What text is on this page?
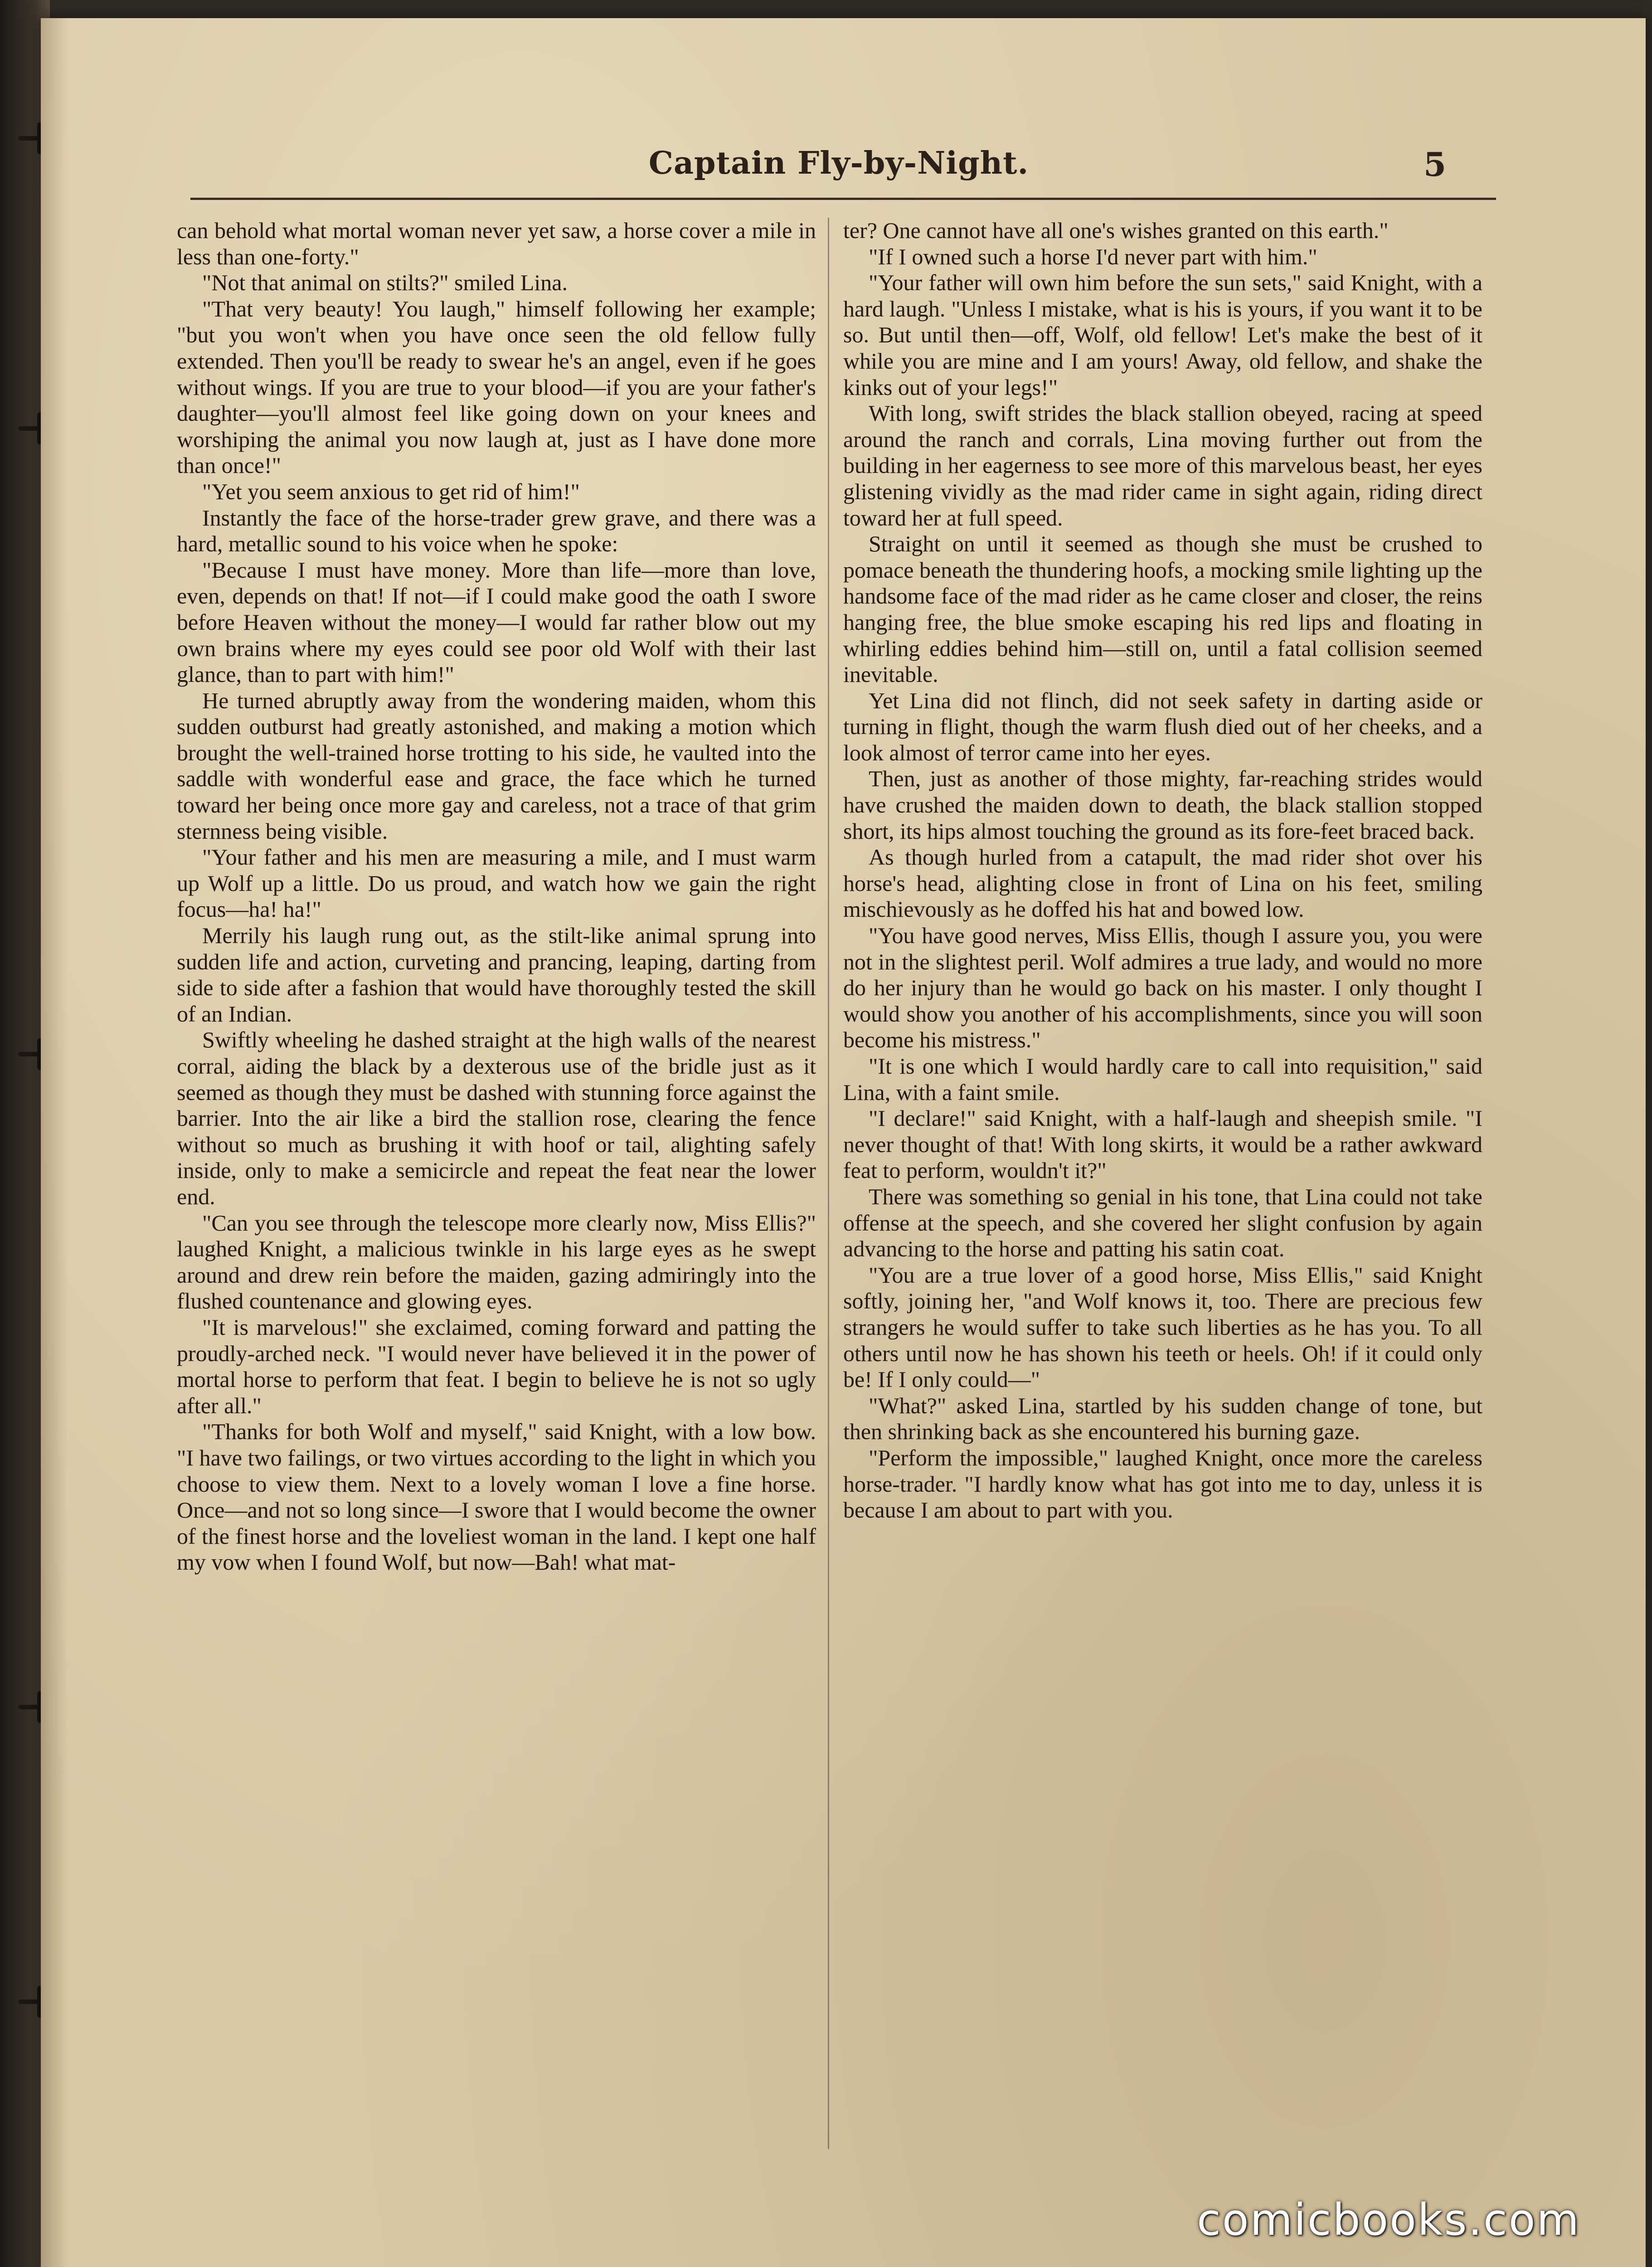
Captain Fly-by-Night.	5

can behold what mortal woman never yet saw, a horse cover a mile in less than one-forty."

"Not that animal on stilts?" smiled Lina.

"That very beauty! You laugh," himself following her example; "but you won't when you have once seen the old fellow fully extended. Then you'll be ready to swear he's an angel, even if he goes without wings. If you are true to your blood—if you are your father's daughter—you'll almost feel like going down on your knees and worshiping the animal you now laugh at, just as I have done more than once!"

"Yet you seem anxious to get rid of him!"

Instantly the face of the horse-trader grew grave, and there was a hard, metallic sound to his voice when he spoke:

"Because I must have money. More than life—more than love, even, depends on that! If not—if I could make good the oath I swore before Heaven without the money—I would far rather blow out my own brains where my eyes could see poor old Wolf with their last glance, than to part with him!"

He turned abruptly away from the wondering maiden, whom this sudden outburst had greatly astonished, and making a motion which brought the well-trained horse trotting to his side, he vaulted into the saddle with wonderful ease and grace, the face which he turned toward her being once more gay and careless, not a trace of that grim sternness being visible.

"Your father and his men are measuring a mile, and I must warm up Wolf up a little. Do us proud, and watch how we gain the right focus—ha! ha!"

Merrily his laugh rung out, as the stilt-like animal sprung into sudden life and action, curveting and prancing, leaping, darting from side to side after a fashion that would have thoroughly tested the skill of an Indian.

Swiftly wheeling he dashed straight at the high walls of the nearest corral, aiding the black by a dexterous use of the bridle just as it seemed as though they must be dashed with stunning force against the barrier. Into the air like a bird the stallion rose, clearing the fence without so much as brushing it with hoof or tail, alighting safely inside, only to make a semicircle and repeat the feat near the lower end.

"Can you see through the telescope more clearly now, Miss Ellis?" laughed Knight, a malicious twinkle in his large eyes as he swept around and drew rein before the maiden, gazing admiringly into the flushed countenance and glowing eyes.

"It is marvelous!" she exclaimed, coming forward and patting the proudly-arched neck. "I would never have believed it in the power of mortal horse to perform that feat. I begin to believe he is not so ugly after all."

"Thanks for both Wolf and myself," said Knight, with a low bow. "I have two failings, or two virtues according to the light in which you choose to view them. Next to a lovely woman I love a fine horse. Once—and not so long since—I swore that I would become the owner of the finest horse and the loveliest woman in the land. I kept one half my vow when I found Wolf, but now—Bah! what mat-

ter? One cannot have all one's wishes granted on this earth."

"If I owned such a horse I'd never part with him."

"Your father will own him before the sun sets," said Knight, with a hard laugh. "Unless I mistake, what is his is yours, if you want it to be so. But until then—off, Wolf, old fellow! Let's make the best of it while you are mine and I am yours! Away, old fellow, and shake the kinks out of your legs!"

With long, swift strides the black stallion obeyed, racing at speed around the ranch and corrals, Lina moving further out from the building in her eagerness to see more of this marvelous beast, her eyes glistening vividly as the mad rider came in sight again, riding direct toward her at full speed.

Straight on until it seemed as though she must be crushed to pomace beneath the thundering hoofs, a mocking smile lighting up the handsome face of the mad rider as he came closer and closer, the reins hanging free, the blue smoke escaping his red lips and floating in whirling eddies behind him—still on, until a fatal collision seemed inevitable.

Yet Lina did not flinch, did not seek safety in darting aside or turning in flight, though the warm flush died out of her cheeks, and a look almost of terror came into her eyes.

Then, just as another of those mighty, far-reaching strides would have crushed the maiden down to death, the black stallion stopped short, its hips almost touching the ground as its fore-feet braced back.

As though hurled from a catapult, the mad rider shot over his horse's head, alighting close in front of Lina on his feet, smiling mischievously as he doffed his hat and bowed low.

"You have good nerves, Miss Ellis, though I assure you, you were not in the slightest peril. Wolf admires a true lady, and would no more do her injury than he would go back on his master. I only thought I would show you another of his accomplishments, since you will soon become his mistress."

"It is one which I would hardly care to call into requisition," said Lina, with a faint smile.

"I declare!" said Knight, with a half-laugh and sheepish smile. "I never thought of that! With long skirts, it would be a rather awkward feat to perform, wouldn't it?"

There was something so genial in his tone, that Lina could not take offense at the speech, and she covered her slight confusion by again advancing to the horse and patting his satin coat.

"You are a true lover of a good horse, Miss Ellis," said Knight softly, joining her, "and Wolf knows it, too. There are precious few strangers he would suffer to take such liberties as he has you. To all others until now he has shown his teeth or heels. Oh! if it could only be! If I only could—"

"What?" asked Lina, startled by his sudden change of tone, but then shrinking back as she encountered his burning gaze.

"Perform the impossible," laughed Knight, once more the careless horse-trader. "I hardly know what has got into me to day, unless it is because I am about to part with you.

comicbooks.com
